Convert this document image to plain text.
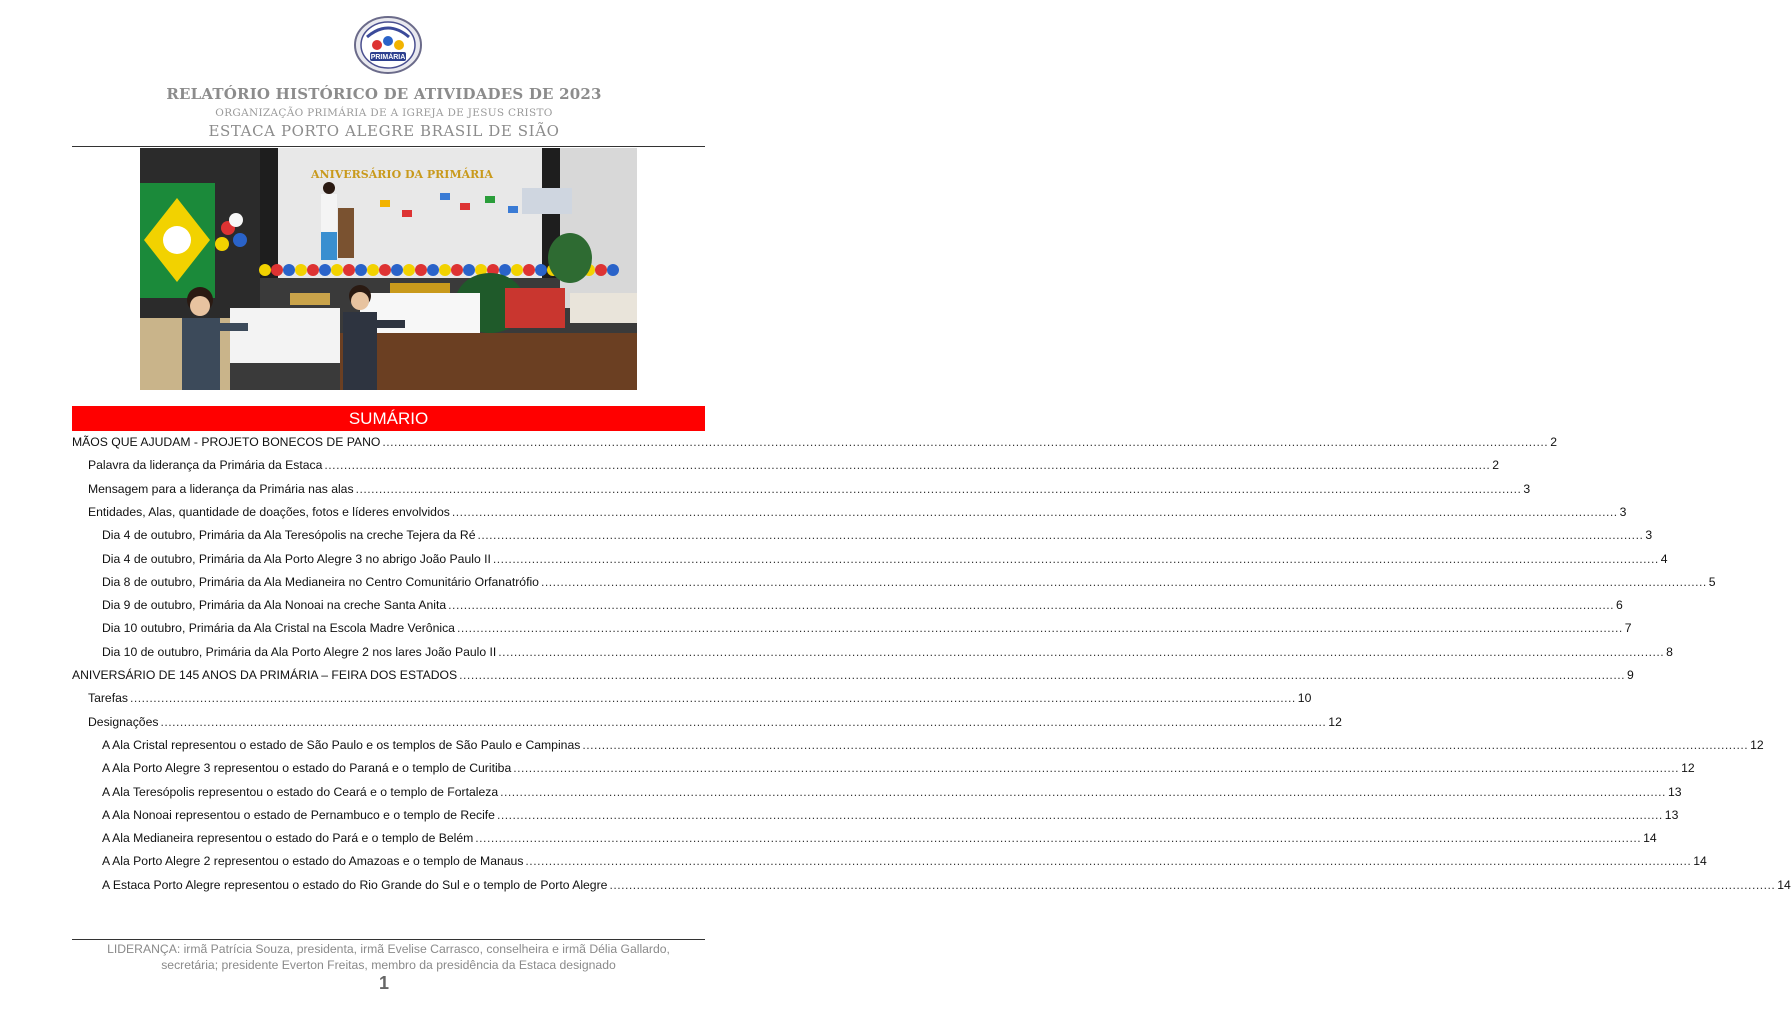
PRIMÁRIA
RELATÓRIO HISTÓRICO DE ATIVIDADES DE 2023
ORGANIZAÇÃO PRIMÁRIA DE A IGREJA DE JESUS CRISTO
ESTACA PORTO ALEGRE BRASIL DE SIÃO
ANIVERSÁRIO DA PRIMÁRIA
SUMÁRIO
MÃOS QUE AJUDAM - PROJETO BONECOS DE PANO ............................................................................................................................................................................................................................................................................................................ 2
Palavra da liderança da Primária da Estaca ............................................................................................................................................................................................................................................................................................................ 2
Mensagem para a liderança da Primária nas alas ............................................................................................................................................................................................................................................................................................................ 3
Entidades, Alas, quantidade de doações, fotos e líderes envolvidos ............................................................................................................................................................................................................................................................................................................ 3
Dia 4 de outubro, Primária da Ala Teresópolis na creche Tejera da Ré ............................................................................................................................................................................................................................................................................................................ 3
Dia 4 de outubro, Primária da Ala Porto Alegre 3 no abrigo João Paulo II ............................................................................................................................................................................................................................................................................................................ 4
Dia 8 de outubro, Primária da Ala Medianeira no Centro Comunitário Orfanatrófio ............................................................................................................................................................................................................................................................................................................ 5
Dia 9 de outubro, Primária da Ala Nonoai na creche Santa Anita ............................................................................................................................................................................................................................................................................................................ 6
Dia 10 outubro, Primária da Ala Cristal na Escola Madre Verônica ............................................................................................................................................................................................................................................................................................................ 7
Dia 10 de outubro, Primária da Ala Porto Alegre 2 nos lares João Paulo II ............................................................................................................................................................................................................................................................................................................ 8
ANIVERSÁRIO DE 145 ANOS DA PRIMÁRIA – FEIRA DOS ESTADOS ............................................................................................................................................................................................................................................................................................................ 9
Tarefas ............................................................................................................................................................................................................................................................................................................ 10
Designações ............................................................................................................................................................................................................................................................................................................ 12
A Ala Cristal representou o estado de São Paulo e os templos de São Paulo e Campinas ............................................................................................................................................................................................................................................................................................................ 12
A Ala Porto Alegre 3 representou o estado do Paraná e o templo de Curitiba ............................................................................................................................................................................................................................................................................................................ 12
A Ala Teresópolis representou o estado do Ceará e o templo de Fortaleza ............................................................................................................................................................................................................................................................................................................ 13
A Ala Nonoai representou o estado de Pernambuco e o templo de Recife ............................................................................................................................................................................................................................................................................................................ 13
A Ala Medianeira representou o estado do Pará e o templo de Belém ............................................................................................................................................................................................................................................................................................................ 14
A Ala Porto Alegre 2 representou o estado do Amazoas e o templo de Manaus ............................................................................................................................................................................................................................................................................................................ 14
A Estaca Porto Alegre representou o estado do Rio Grande do Sul e o templo de Porto Alegre ............................................................................................................................................................................................................................................................................................................ 14
LIDERANÇA: irmã Patrícia Souza, presidenta, irmã Evelise Carrasco, conselheira e irmã Délia Gallardo,
secretária; presidente Everton Freitas, membro da presidência da Estaca designado
1
